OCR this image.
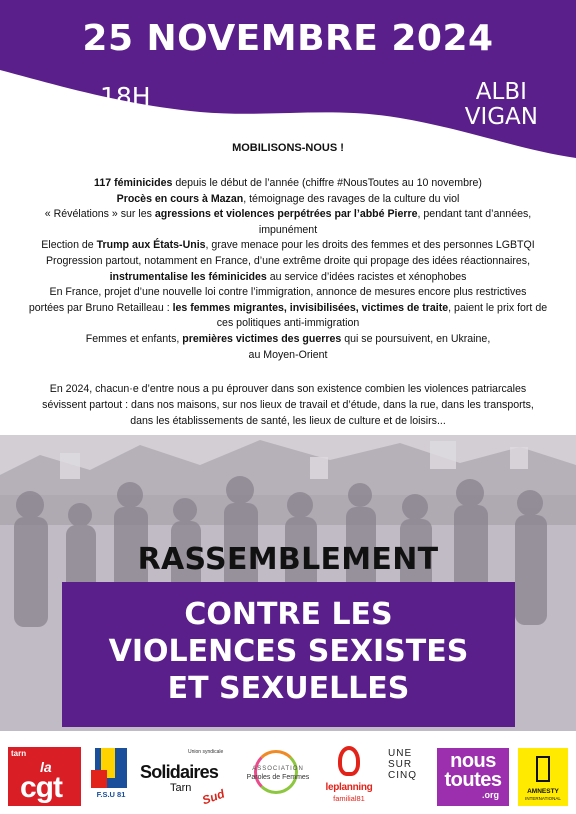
25 NOVEMBRE 2024
18H	ALBI
VIGAN
MOBILISONS-NOUS !

117 féminicides depuis le début de l’année (chiffre #NousToutes au 10 novembre)

Procès en cours à Mazan, témoignage des ravages de la culture du viol

« Révélations » sur les agressions et violences perpétrées par l’abbé Pierre, pendant tant d’années,

impunément

Election de Trump aux États-Unis, grave menace pour les droits des femmes et des personnes LGBTQI

Progression partout, notamment en France, d’une extrême droite qui propage des idées réactionnaires,

instrumentalise les féminicides au service d’idées racistes et xénophobes

En France, projet d’une nouvelle loi contre l’immigration, annonce de mesures encore plus restrictives

portées par Bruno Retailleau : les femmes migrantes, invisibilisées, victimes de traite, paient le prix fort de

ces politiques anti-immigration

Femmes et enfants, premières victimes des guerres qui se poursuivent, en Ukraine,

au Moyen-Orient

En 2024, chacun·e d’entre nous a pu éprouver dans son existence combien les violences patriarcales

sévissent partout : dans nos maisons, sur nos lieux de travail et d’étude, dans la rue, dans les transports,

dans les établissements de santé, les lieux de culture et de loisirs...

RASSEMBLEMENT
CONTRE LES
VIOLENCES SEXISTES
ET SEXUELLES
tarn
la
cgt	F.S.U 81
Union syndicale
Solidaires
Tarn Sud
ASSOCIATION
Paroles de Femmes
leplanning
familial81
UNE
SUR
CINQ
nous
toutes
.org	AMNESTY
INTERNATIONAL
